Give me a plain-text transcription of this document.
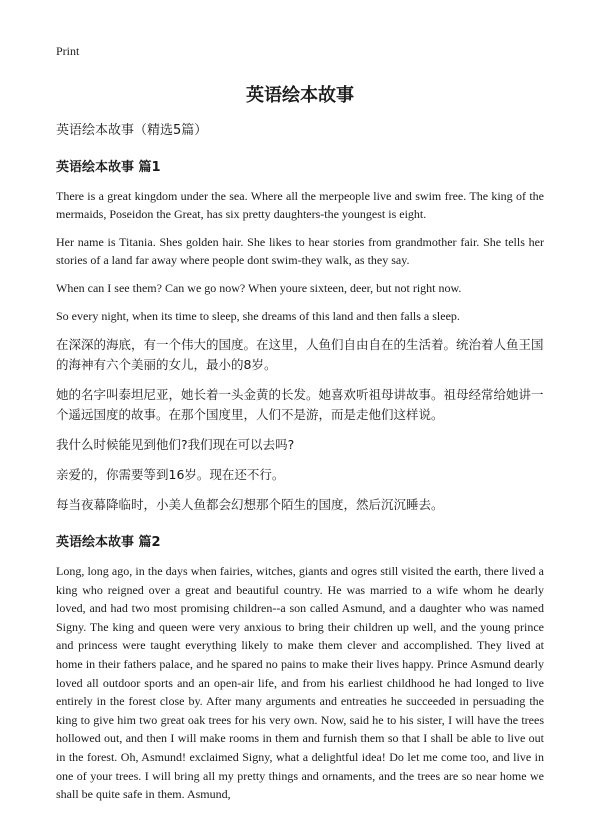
Print
英语绘本故事
英语绘本故事（精选5篇）
英语绘本故事 篇1

There is a great kingdom under the sea. Where all the merpeople live and swim free. The king of the mermaids, Poseidon the Great, has six pretty daughters-the youngest is eight.

Her name is Titania. Shes golden hair. She likes to hear stories from grandmother fair. She tells her stories of a land far away where people dont swim-they walk, as they say.

When can I see them? Can we go now? When youre sixteen, deer, but not right now.

So every night, when its time to sleep, she dreams of this land and then falls a sleep.

在深深的海底，有一个伟大的国度。在这里，人鱼们自由自在的生活着。统治着人鱼王国的海神有六个美丽的女儿，最小的8岁。

她的名字叫泰坦尼亚，她长着一头金黄的长发。她喜欢听祖母讲故事。祖母经常给她讲一个遥远国度的故事。在那个国度里，人们不是游，而是走他们这样说。

我什么时候能见到他们?我们现在可以去吗?

亲爱的，你需要等到16岁。现在还不行。

每当夜幕降临时，小美人鱼都会幻想那个陌生的国度，然后沉沉睡去。

英语绘本故事 篇2

Long, long ago, in the days when fairies, witches, giants and ogres still visited the earth, there lived a king who reigned over a great and beautiful country. He was married to a wife whom he dearly loved, and had two most promising children--a son called Asmund, and a daughter who was named Signy. The king and queen were very anxious to bring their children up well, and the young prince and princess were taught everything likely to make them clever and accomplished. They lived at home in their fathers palace, and he spared no pains to make their lives happy. Prince Asmund dearly loved all outdoor sports and an open-air life, and from his earliest childhood he had longed to live entirely in the forest close by. After many arguments and entreaties he succeeded in persuading the king to give him two great oak trees for his very own. Now, said he to his sister, I will have the trees hollowed out, and then I will make rooms in them and furnish them so that I shall be able to live out in the forest. Oh, Asmund! exclaimed Signy, what a delightful idea! Do let me come too, and live in one of your trees. I will bring all my pretty things and ornaments, and the trees are so near home we shall be quite safe in them. Asmund,
